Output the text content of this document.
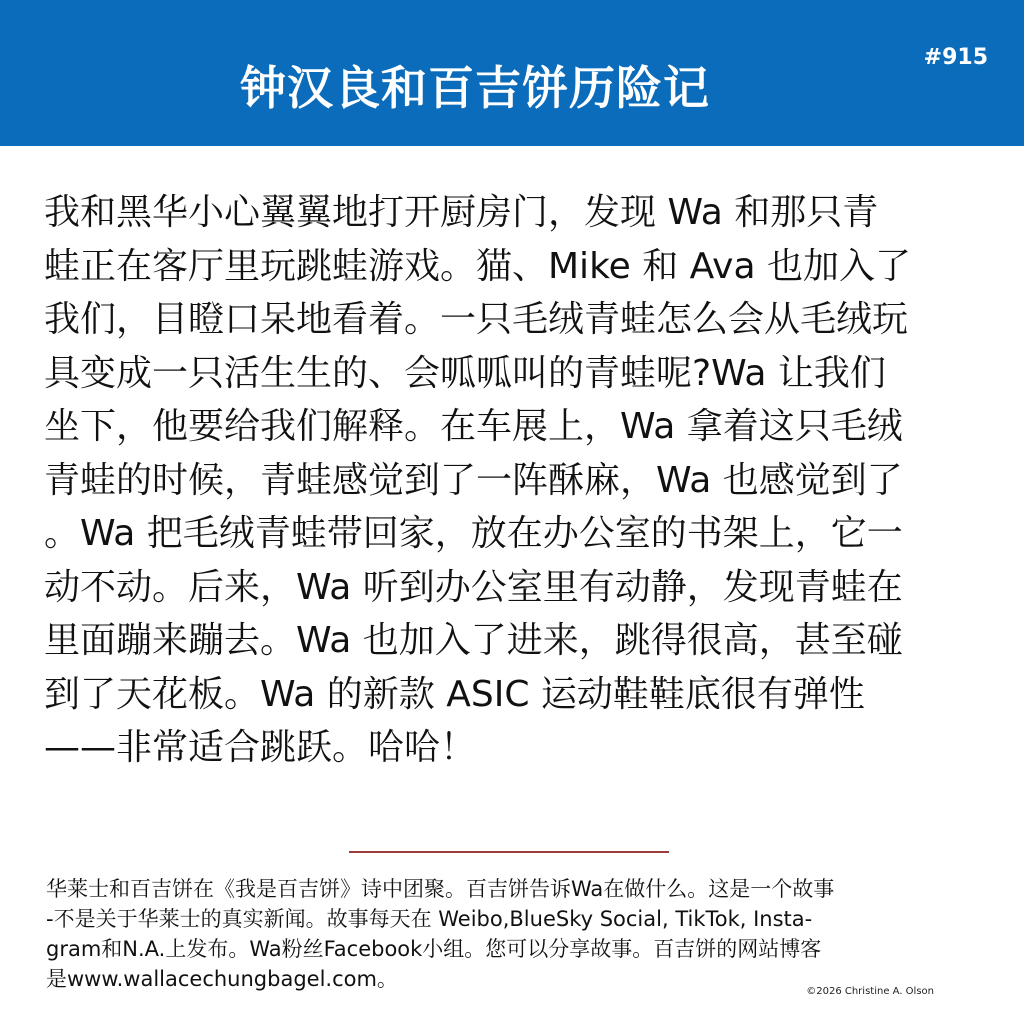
钟汉良和百吉饼历险记
#915
我和黑华小心翼翼地打开厨房门，发现 Wa 和那只青
蛙正在客厅里玩跳蛙游戏。猫、Mike 和 Ava 也加入了
我们，目瞪口呆地看着。一只毛绒青蛙怎么会从毛绒玩
具变成一只活生生的、会呱呱叫的青蛙呢?Wa 让我们
坐下，他要给我们解释。在车展上，Wa 拿着这只毛绒
青蛙的时候，青蛙感觉到了一阵酥麻，Wa 也感觉到了
。Wa 把毛绒青蛙带回家，放在办公室的书架上，它一
动不动。后来，Wa 听到办公室里有动静，发现青蛙在
里面蹦来蹦去。Wa 也加入了进来，跳得很高，甚至碰
到了天花板。Wa 的新款 ASIC 运动鞋鞋底很有弹性
——非常适合跳跃。哈哈！
华莱士和百吉饼在《我是百吉饼》诗中团聚。百吉饼告诉Wa在做什么。这是一个故事
-不是关于华莱士的真实新闻。故事每天在 Weibo,BlueSky Social, TikTok, Insta-
gram和N.A.上发布。Wa粉丝Facebook小组。您可以分享故事。百吉饼的网站博客
是www.wallacechungbagel.com。
©2026 Christine A. Olson
